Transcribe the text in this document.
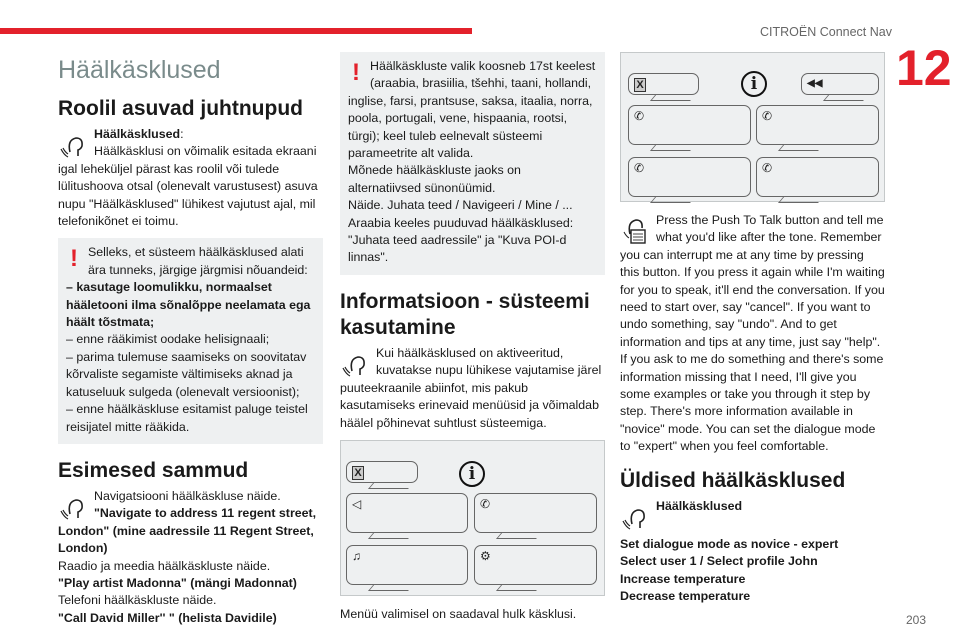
CITROËN Connect Nav
12
203
Häälkäsklused
Roolil asuvad juhtnupud

Häälkäsklused:
Häälkäsklusi on võimalik esitada ekraani igal leheküljel pärast kas roolil või tulede lülitushoova otsal (olenevalt varustusest) asuva nupu "Häälkäsklused" lühikest vajutust ajal, mil telefonikõnet ei toimu.

! Selleks, et süsteem häälkäsklused alati ära tunneks, järgige järgmisi nõuandeid:

– kasutage loomulikku, normaalset hääletooni ilma sõnalõppe neelamata ega häält tõstmata;

– enne rääkimist oodake helisignaali;

– parima tulemuse saamiseks on soovitatav kõrvaliste segamiste vältimiseks aknad ja katuseluuk sulgeda (olenevalt versioonist);

– enne häälkäskluse esitamist paluge teistel reisijatel mitte rääkida.

Esimesed sammud

Navigatsiooni häälkäskluse näide.

"Navigate to address 11 regent street, London" (mine aadressile 11 Regent Street, London)

Raadio ja meedia häälkäskluste näide.

"Play artist Madonna" (mängi Madonnat)

Telefoni häälkäskluste näide.

"Call David Miller'' " (helista Davidile)

! Häälkäskluste valik koosneb 17st keelest (araabia, brasiilia, tšehhi, taani, hollandi, inglise, farsi, prantsuse, saksa, itaalia, norra, poola, portugali, vene, hispaania, rootsi, türgi); keel tuleb eelnevalt süsteemi parameetrite alt valida.

Mõnede häälkäskluste jaoks on alternatiivsed sünonüümid.

Näide. Juhata teed / Navigeeri / Mine / ...

Araabia keeles puuduvad häälkäsklused: "Juhata teed aadressile" ja "Kuva POI-d linnas".

Informatsioon - süsteemi kasutamine

Kui häälkäsklused on aktiveeritud, kuvatakse nupu lühikese vajutamise järel puuteekraanile abiinfot, mis pakub kasutamiseks erinevaid menüüsid ja võimaldab häälel põhinevat suhtlust süsteemiga.

X	i
◁	✆
♫	⚙

Menüü valimisel on saadaval hulk käsklusi.

X	i	◀◀
✆	✆
✆	✆

Press the Push To Talk button and tell me what you'd like after the tone. Remember you can interrupt me at any time by pressing this button. If you press it again while I'm waiting for you to speak, it'll end the conversation. If you need to start over, say "cancel". If you want to undo something, say "undo". And to get information and tips at any time, just say "help". If you ask to me do something and there's some information missing that I need, I'll give you some examples or take you through it step by step. There's more information available in "novice" mode. You can set the dialogue mode to "expert" when you feel comfortable.

Üldised häälkäsklused

Häälkäsklused

Set dialogue mode as novice - expert

Select user 1 / Select profile John

Increase temperature

Decrease temperature
